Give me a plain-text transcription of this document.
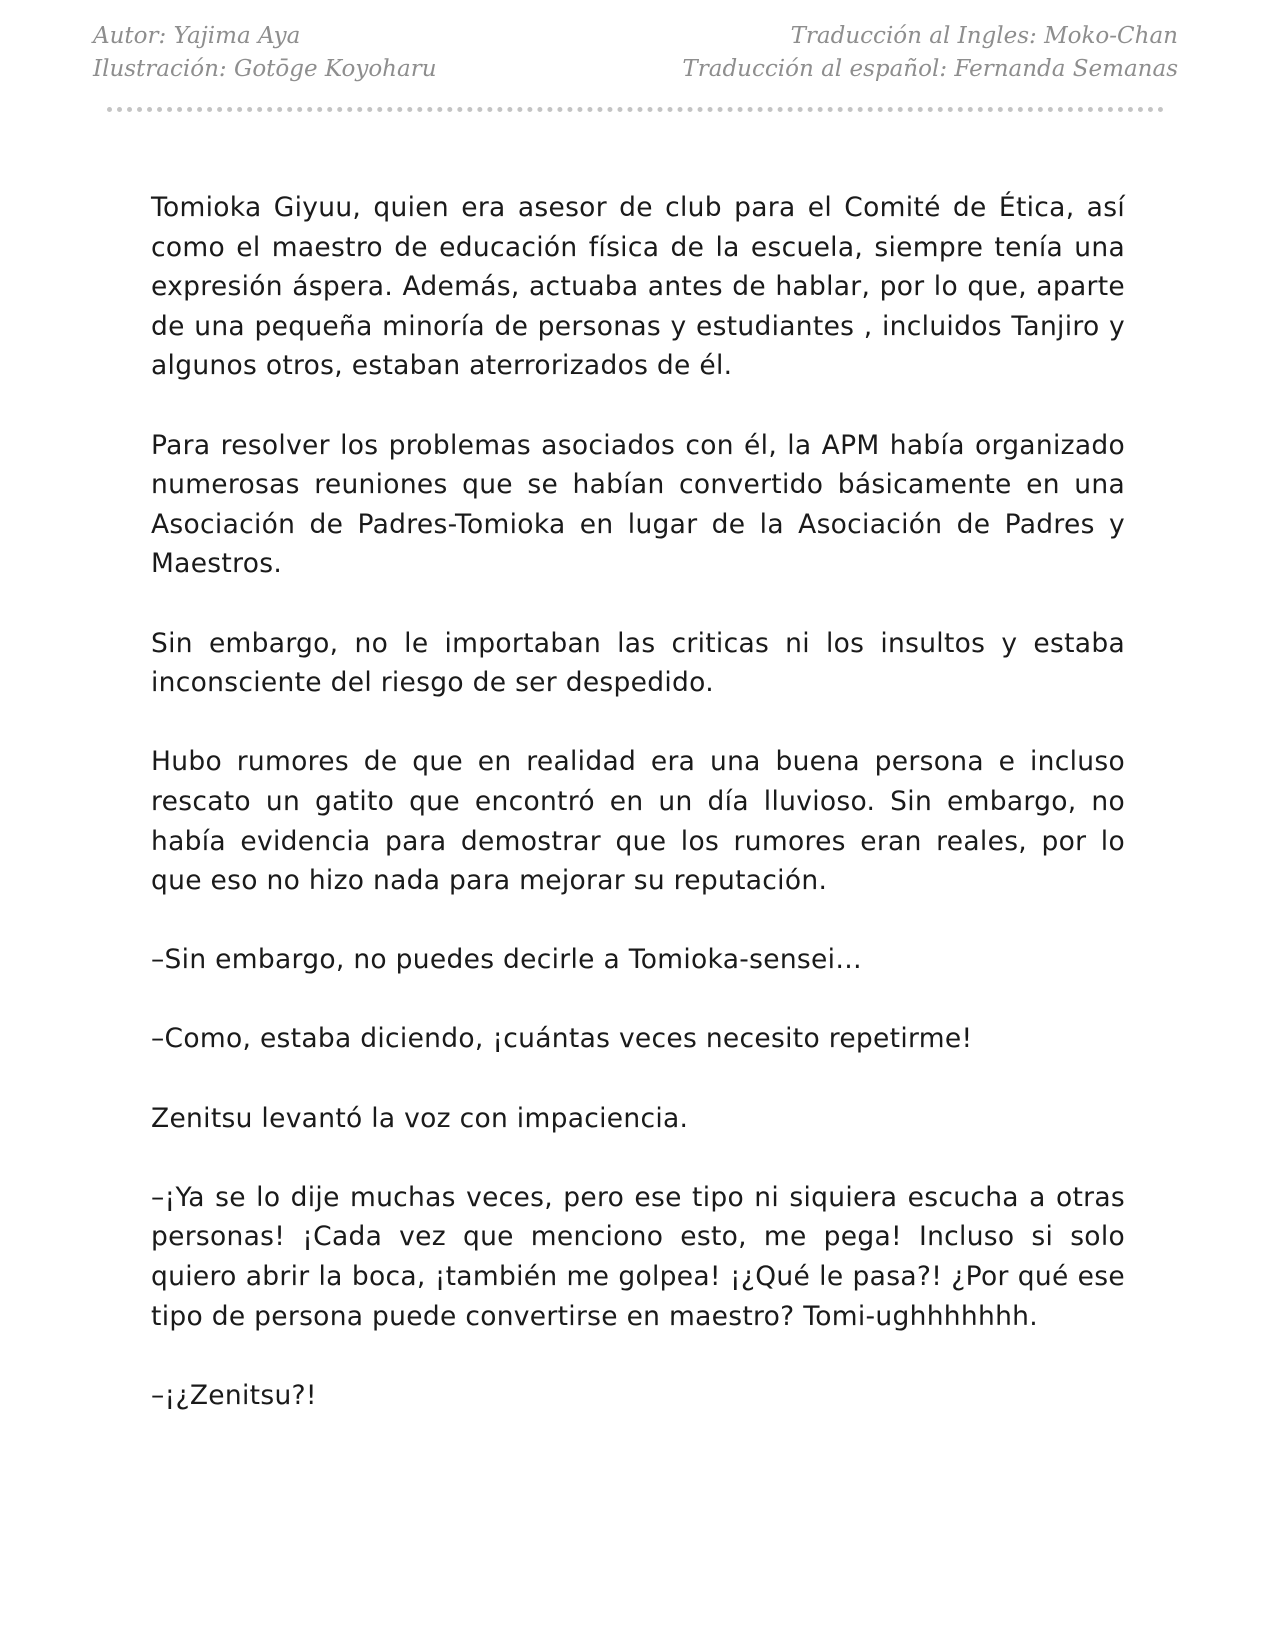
Autor: Yajima Aya
Ilustración: Gotōge Koyoharu
Traducción al Ingles: Moko-Chan
Traducción al español: Fernanda Semanas

Tomioka Giyuu, quien era asesor de club para el Comité de Ética, así como el maestro de educación física de la escuela, siempre tenía una expresión áspera. Además, actuaba antes de hablar, por lo que, aparte de una pequeña minoría de personas y estudiantes , incluidos Tanjiro y algunos otros, estaban aterrorizados de él.

Para resolver los problemas asociados con él, la APM había organizado numerosas reuniones que se habían convertido básicamente en una Asociación de Padres-Tomioka en lugar de la Asociación de Padres y Maestros.

Sin embargo, no le importaban las criticas ni los insultos y estaba inconsciente del riesgo de ser despedido.

Hubo rumores de que en realidad era una buena persona e incluso rescato un gatito que encontró en un día lluvioso. Sin embargo, no había evidencia para demostrar que los rumores eran reales, por lo que eso no hizo nada para mejorar su reputación.

–Sin embargo, no puedes decirle a Tomioka-sensei…

–Como, estaba diciendo, ¡cuántas veces necesito repetirme!

Zenitsu levantó la voz con impaciencia.

–¡Ya se lo dije muchas veces, pero ese tipo ni siquiera escucha a otras personas! ¡Cada vez que menciono esto, me pega! Incluso si solo quiero abrir la boca, ¡también me golpea! ¡¿Qué le pasa?! ¿Por qué ese tipo de persona puede convertirse en maestro? Tomi-ughhhhhhh.

–¡¿Zenitsu?!
